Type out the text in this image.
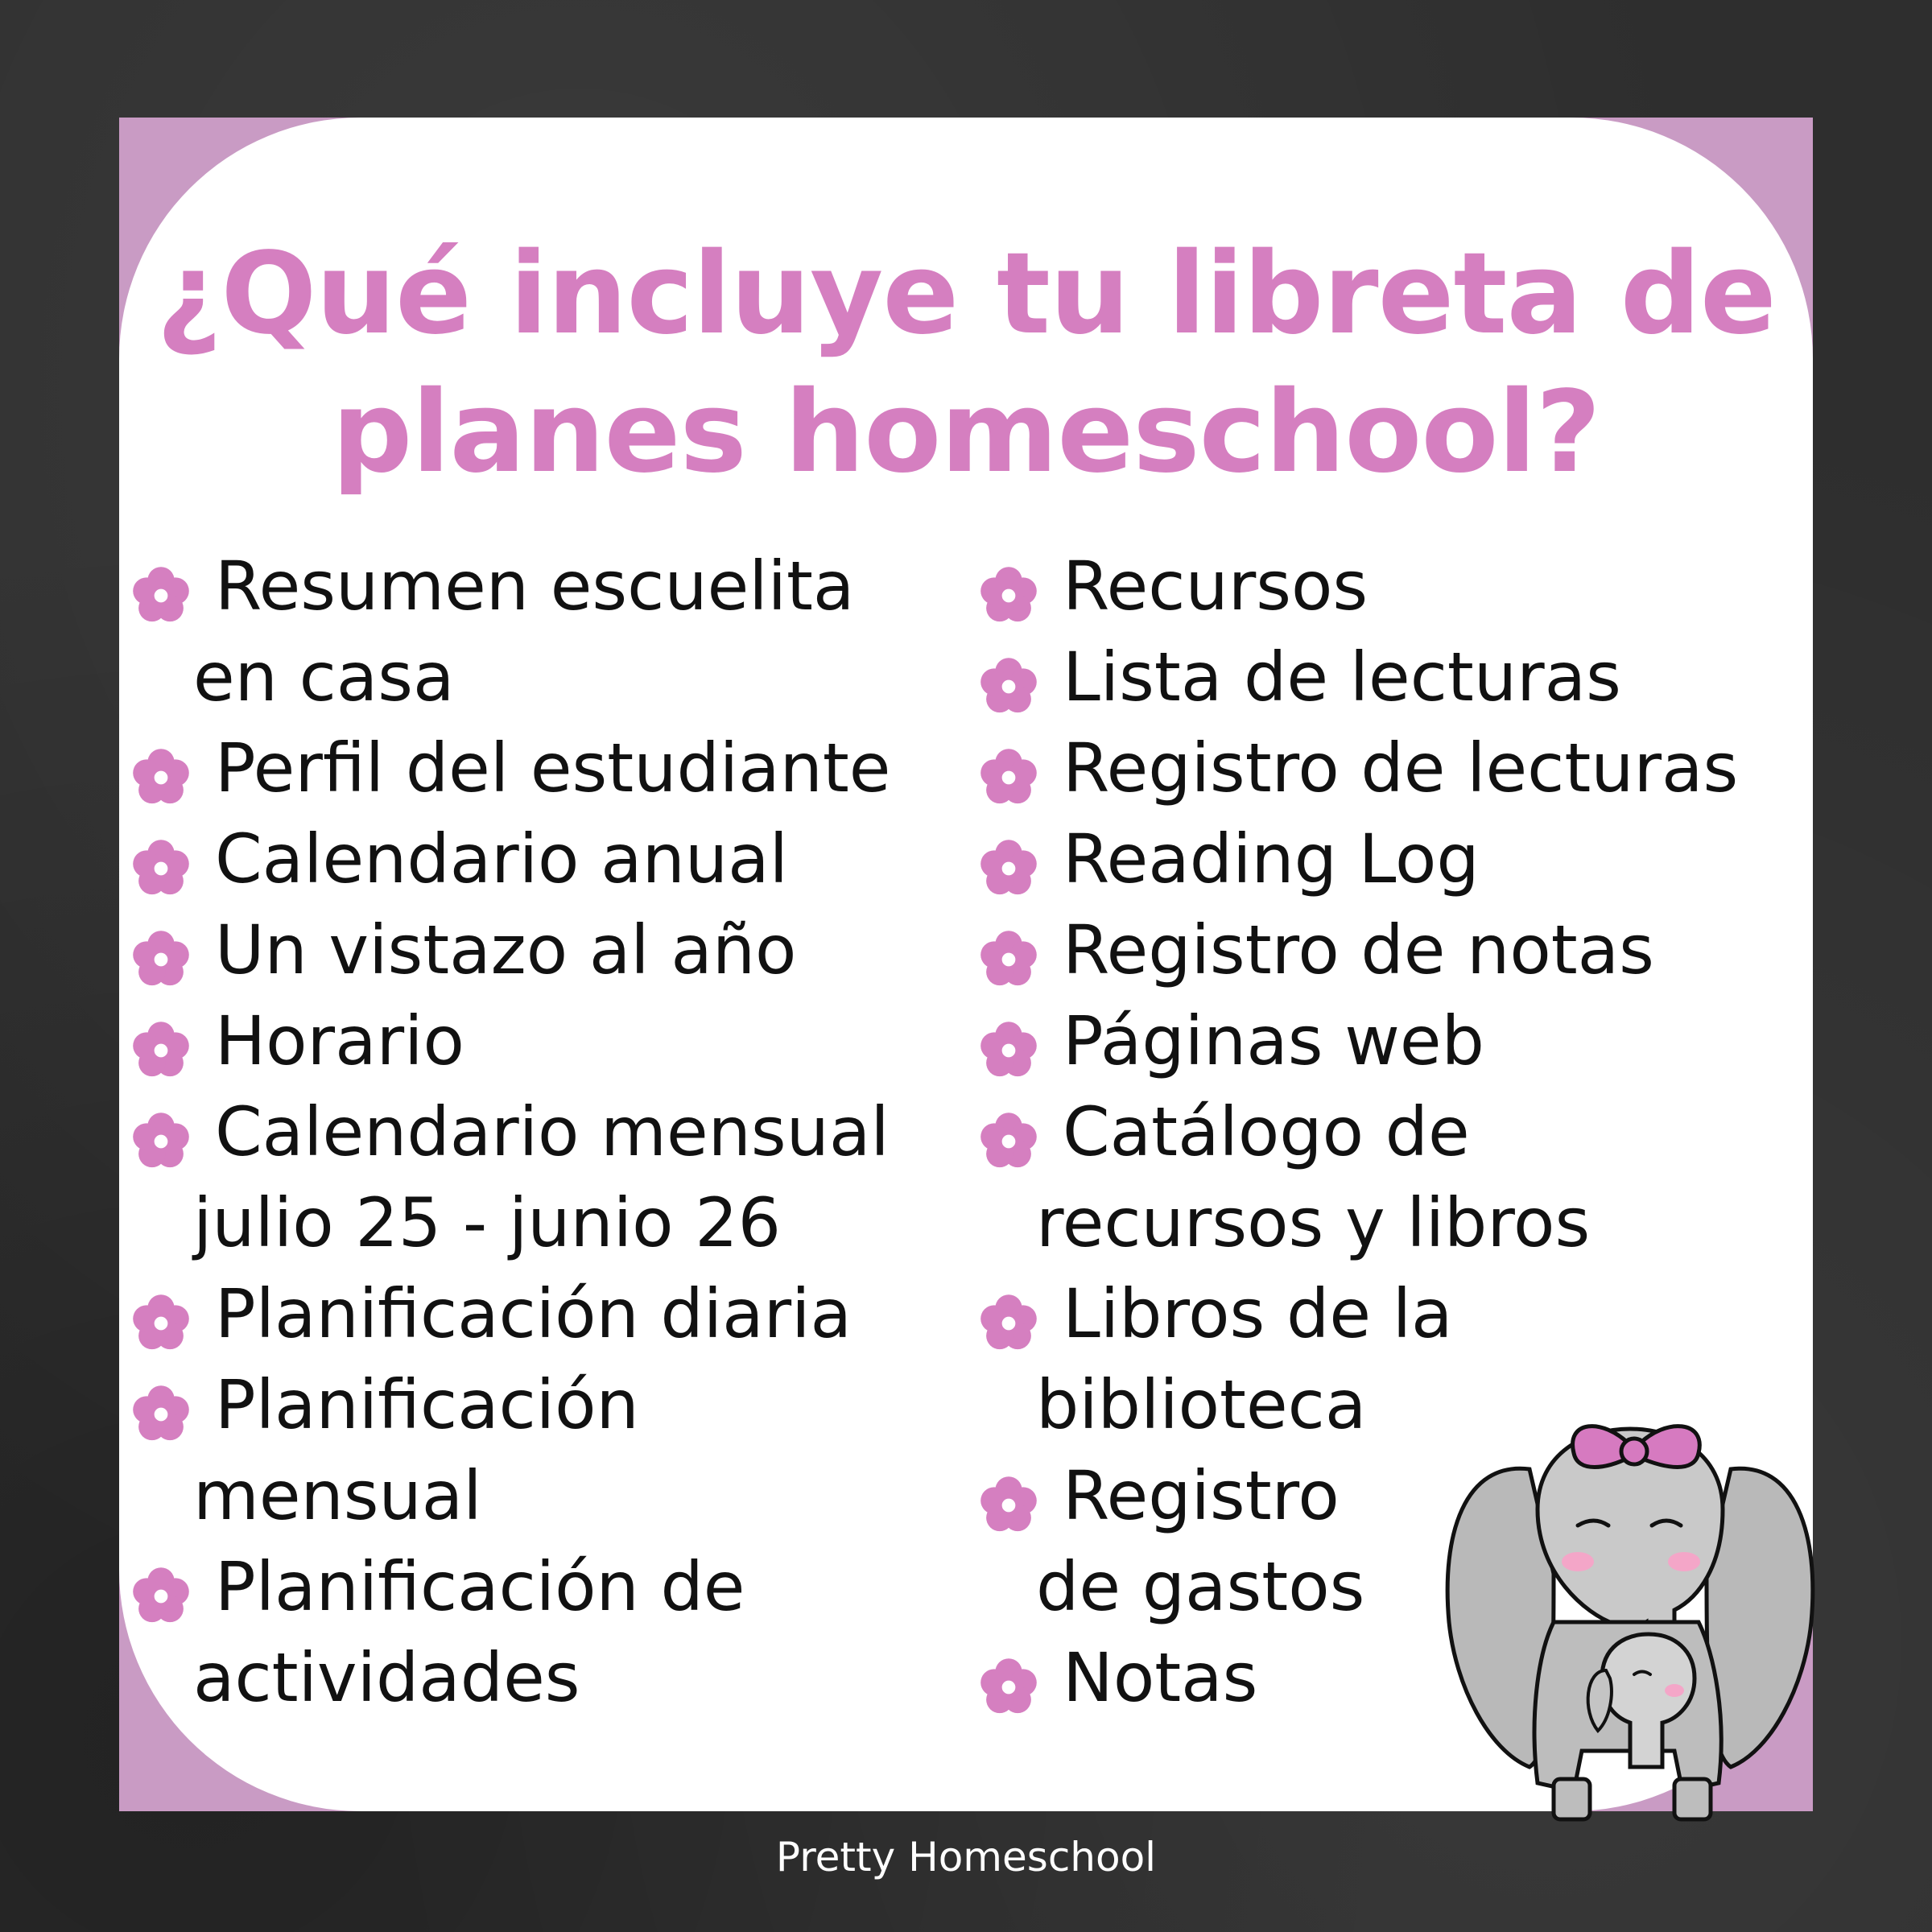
¿Qué incluye tu libreta de
planes homeschool?
Resumen escuelita
en casa
Perfil del estudiante
Calendario anual
Un vistazo al año
Horario
Calendario mensual
julio 25 - junio 26
Planificación diaria
Planificación
mensual
Planificación de
actividades
Recursos
Lista de lecturas
Registro de lecturas
Reading Log
Registro de notas
Páginas web
Catálogo de
recursos y libros
Libros de la
biblioteca
Registro
de gastos
Notas
Pretty Homeschool
